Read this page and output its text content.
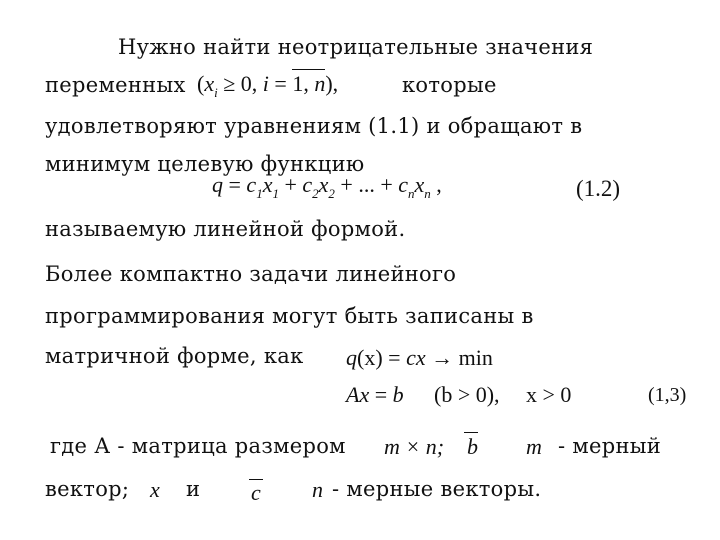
Нужно найти неотрицательные значения
переменных ($x_i \ge 0$, i = 1, n),	которые
удовлетворяют уравнениям (1.1) и обращают в
минимум целевую функцию
$q = c_1x_1 + c_2x_2$ + ... + $c_nx_n$ ,	(1.2)
называемую линейной формой.
Более компактно задачи линейного
программирования могут быть записаны в
матричной форме, как q(x) = cx → min
Ax = b (b > 0), x > 0	(1,3)
где А - матрица размером m × n; b m - мерный
вектор; x и c n - мерные векторы.
